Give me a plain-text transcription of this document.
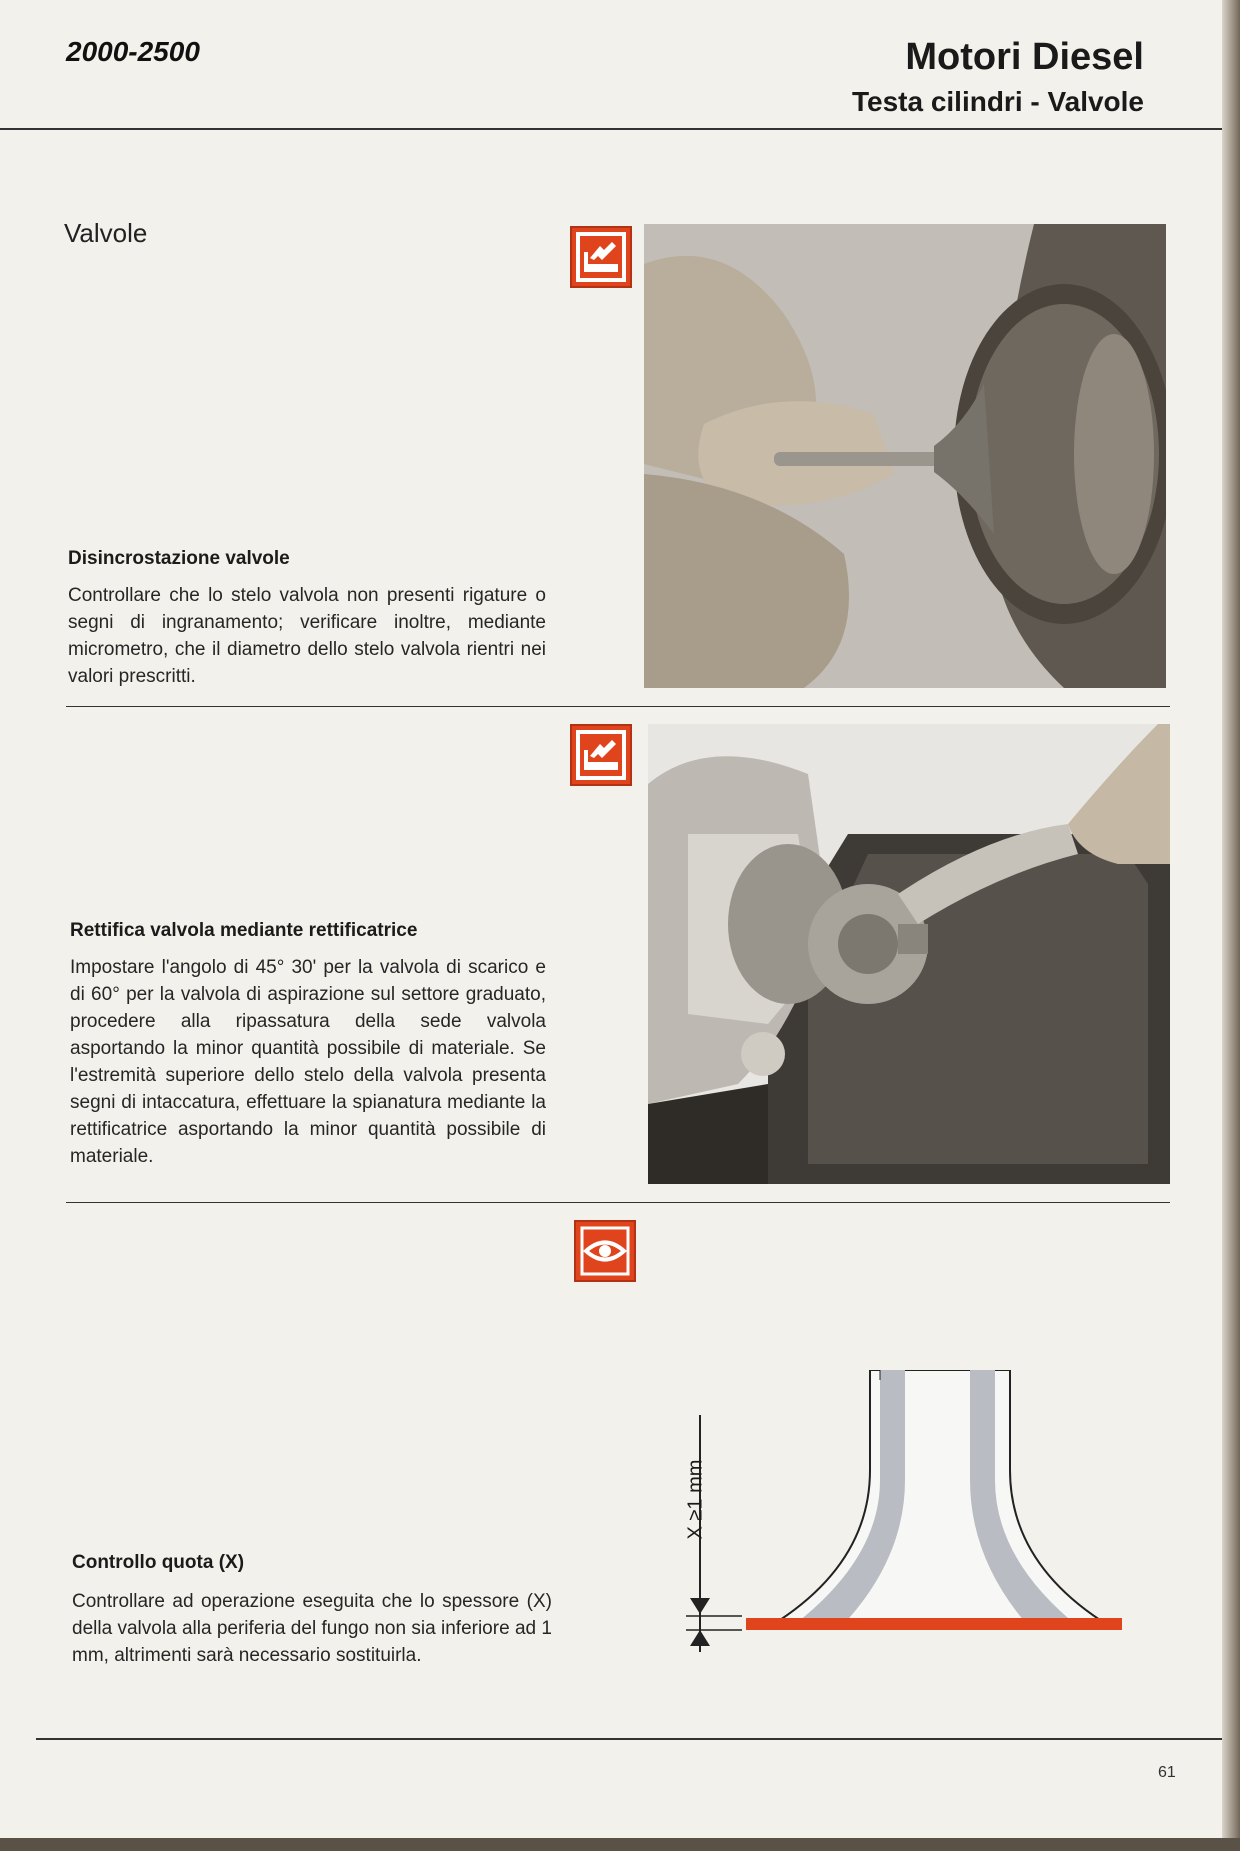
2000-2500	Motori Diesel
Testa cilindri - Valvole
Valvole
Disincrostazione valvole
Controllare che lo stelo valvola non presenti rigature o segni di ingranamento; verificare inoltre, mediante micrometro, che il diametro dello stelo valvola rientri nei valori prescritti.
Rettifica valvola mediante rettificatrice
Impostare l'angolo di 45° 30' per la valvola di scarico e di 60° per la valvola di aspirazione sul settore graduato, procedere alla ripassatura della sede valvola asportando la minor quantità possibile di materiale. Se l'estremità superiore dello stelo della valvola presenta segni di intaccatura, effettuare la spianatura mediante la rettificatrice asportando la minor quantità possibile di materiale.
Controllo quota (X)
Controllare ad operazione eseguita che lo spessore (X) della valvola alla periferia del fungo non sia inferiore ad 1 mm, altrimenti sarà necessario sostituirla.
X ≥1 mm
61
